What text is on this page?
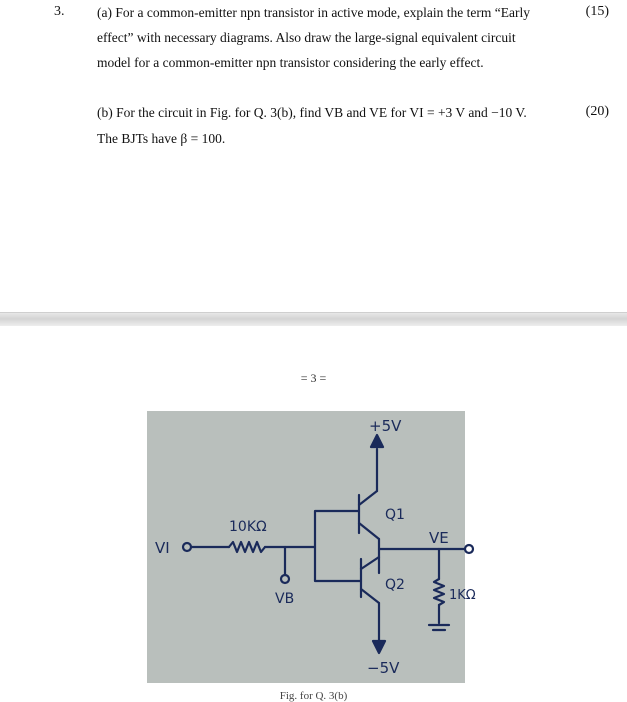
3. (a) For a common-emitter npn transistor in active mode, explain the term “Early
effect” with necessary diagrams. Also draw the large-signal equivalent circuit
model for a common-emitter npn transistor considering the early effect.
(15)
(b) For the circuit in Fig. for Q. 3(b), find VB and VE for VI = +3 V and −10 V.
The BJTs have β = 100.
(20)
= 3 =
+5V
Q1
10KΩ
VI
VB
Q2
1KΩ
VE
−5V
Fig. for Q. 3(b)
